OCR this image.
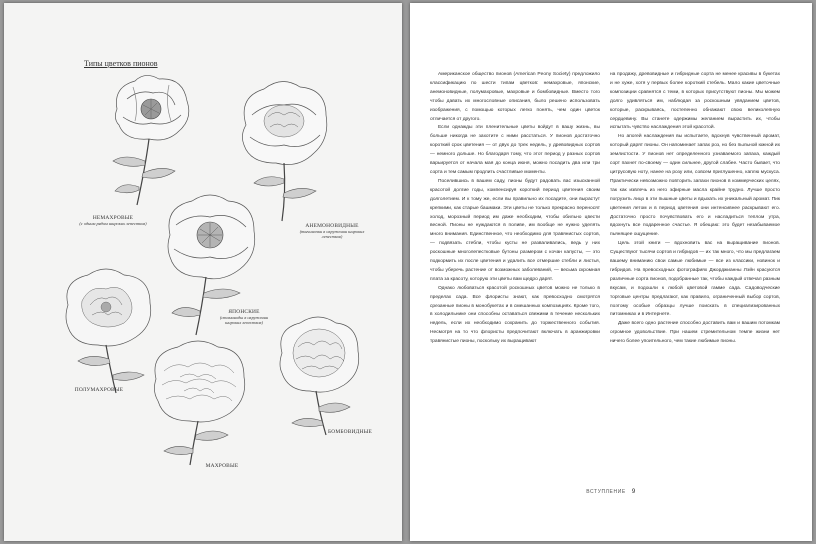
Типы цветков пионов
НЕМАХРОВЫЕ
(с одним рядом широких лепестков)	АНЕМОНОВИДНЫЕ
(тычиночки в окружении широких лепестков)
ЯПОНСКИЕ
(стаминоды в окружении широких лепестков)
ПОЛУМАХРОВЫЕ
БОМБОВИДНЫЕ
МАХРОВЫЕ

Американское общество пионов (American Peony Society) предложило классификацию по шести типам цветков: немахровые, японские, анемоновидные, полумахровые, махровые и бомбовидные. Вместо того чтобы давать их многословные описания, было решено использовать изображения, с помощью которых легко понять, чем один цветок отличается от другого.

Если однажды эти пленительные цветы войдут в вашу жизнь, вы больше никогда не захотите с ними расстаться. У пионов достаточно короткий срок цветения — от двух до трех недель, у древовидных сортов — немного дольше. Но благодаря тому, что этот период у разных сортов варьируется от начала мая до конца июня, можно посадить два или три сорта и тем самым продлить счастливые моменты.

Поселившись в вашем саду, пионы будут радовать вас изысканной красотой долгие годы, компенсируя короткий период цветения своим долголетием. И к тому же, если вы правильно их посадите, они вырастут крепкими, как старые башмаки. Эти цветы не только прекрасно переносят холод, морозный период им даже необходим, чтобы обильно цвести весной. Пионы не нуждаются в поливе, им вообще не нужно уделять много внимания. Единственное, что необходимо для травянистых сортов, — подвязать стебли, чтобы кусты не разваливались, ведь у них роскошные многолепестковые бутоны размером с кочан капусты, — это подкормить их после цветения и удалить все отмершие стебли и листья, чтобы уберечь растение от возможных заболеваний, — весьма скромная плата за красоту, которую эти цветы вам щедро дарят.

Однако любоваться красотой роскошных цветов можно не только в пределах сада. Все флористы знают, как превосходно смотрятся срезанные пионы в монобукетах и в смешанных композициях. Кроме того, в холодильнике они способны оставаться свежими в течение нескольких недель, если их необходимо сохранить до торжественного события. Несмотря на то что флористы предпочитают включать в аранжировки травянистые пионы, поскольку их выращивают

на продажу, древовидные и гибридные сорта не менее красивы в букетах и не хуже, хотя у первых более короткий стебель. Мало какие цветочные композиции сравнятся с теми, в которых присутствуют пионы. Мы можем долго удивляться им, наблюдая за роскошным увяданием цветов, которые, раскрываясь, постепенно обнажают свою великолепную сердцевину. Вы станете одержимы желанием вырастить их, чтобы испытать чувство наслаждения этой красотой.

Но апогей наслаждения вы испытаете, вдохнув чувственный аромат, который дарят пионы. Он напоминает запах роз, но без пыльной южной их землистости. У пионов нет определенного узнаваемого запаха, каждый сорт пахнет по-своему — один сильнее, другой слабее. Часто бывает, что цитрусовую ноту, нанее на розу или, совсем приглушенно, каплю мускуса. Практически невозможно повторить запахи пионов в коммерческих целях, так как извлечь из него эфирные масла крайне трудно. Лучше просто погрузить лицо в эти пышные цветы и вдыхать их уникальный аромат. Пик цветения летом и в период цветения они интенсивнее раскрывают его. Достаточно просто почувствовать его и насладиться теплом утра, вдохнуть все подаренное счастье. Я обещаю: это будет незабываемое пьянящее ощущение.

Цель этой книги — вдохновить вас на выращивание пионов. Существуют тысячи сортов и гибридов — их так много, что мы предлагаем вашему вниманию свои самые любимые — все из классики, новинок и гибридов. На превосходных фотографиях Джорджианны Лэйн красуются различные сорта пионов, подобранные так, чтобы каждый отвечал разным вкусам, и подошли к любой цветовой гамме сада. Садоводческие торговые центры предлагают, как правило, ограниченный выбор сортов, поэтому особые образцы лучше поискать в специализированных питомниках и в Интернете.

Даже всего одно растение способно доставить вам и вашим потомкам огромное удовольствие. При нашем стремительном темпе жизни нет ничего более упоительного, чем такие любимые пионы.

ВСТУПЛЕНИЕ 9
